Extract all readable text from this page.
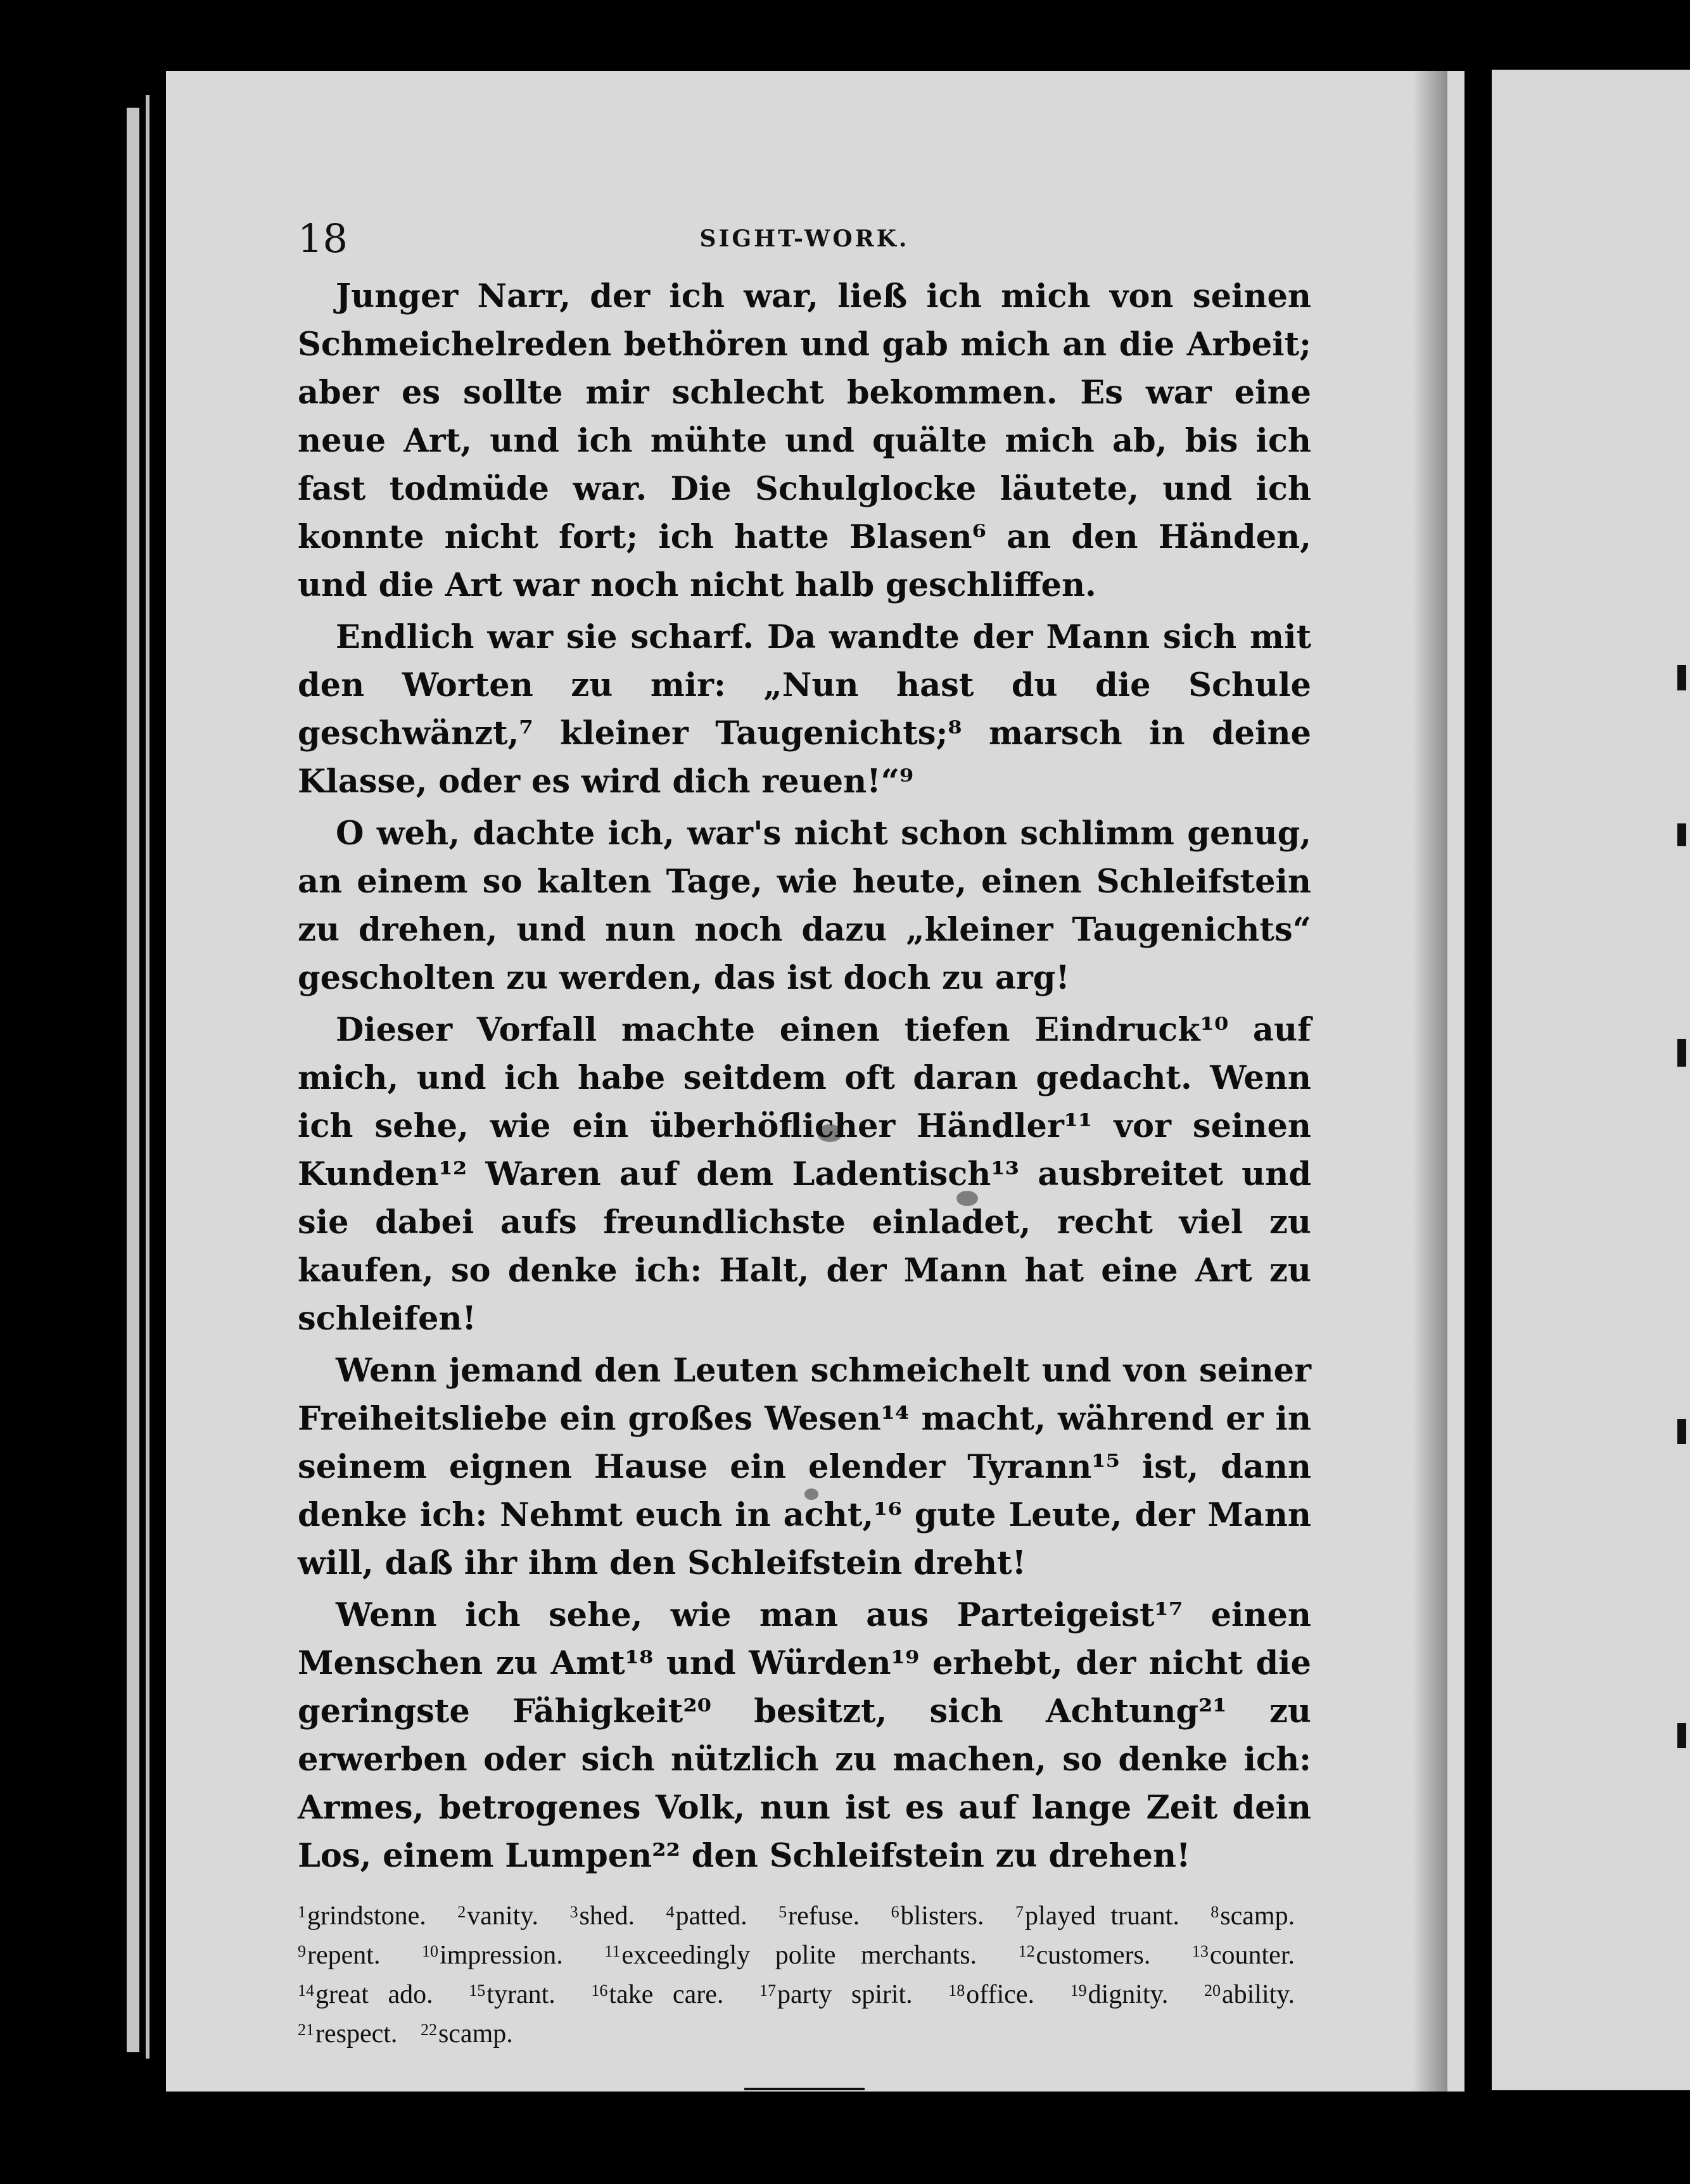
18	SIGHT-WORK.

Junger Narr, der ich war, ließ ich mich von seinen Schmeichelreden bethören und gab mich an die Arbeit; aber es sollte mir schlecht bekommen. Es war eine neue Art, und ich mühte und quälte mich ab, bis ich fast todmüde war. Die Schulglocke läutete, und ich konnte nicht fort; ich hatte Blasen⁶ an den Händen, und die Art war noch nicht halb geschliffen.

Endlich war sie scharf. Da wandte der Mann sich mit den Worten zu mir: „Nun hast du die Schule geschwänzt,⁷ kleiner Taugenichts;⁸ marsch in deine Klasse, oder es wird dich reuen!“⁹

O weh, dachte ich, war's nicht schon schlimm genug, an einem so kalten Tage, wie heute, einen Schleifstein zu drehen, und nun noch dazu „kleiner Taugenichts“ gescholten zu werden, das ist doch zu arg!

Dieser Vorfall machte einen tiefen Eindruck¹⁰ auf mich, und ich habe seitdem oft daran gedacht. Wenn ich sehe, wie ein überhöflicher Händler¹¹ vor seinen Kunden¹² Waren auf dem Ladentisch¹³ ausbreitet und sie dabei aufs freundlichste einladet, recht viel zu kaufen, so denke ich: Halt, der Mann hat eine Art zu schleifen!

Wenn jemand den Leuten schmeichelt und von seiner Freiheitsliebe ein großes Wesen¹⁴ macht, während er in seinem eignen Hause ein elender Tyrann¹⁵ ist, dann denke ich: Nehmt euch in acht,¹⁶ gute Leute, der Mann will, daß ihr ihm den Schleifstein dreht!

Wenn ich sehe, wie man aus Parteigeist¹⁷ einen Menschen zu Amt¹⁸ und Würden¹⁹ erhebt, der nicht die geringste Fähigkeit²⁰ besitzt, sich Achtung²¹ zu erwerben oder sich nützlich zu machen, so denke ich: Armes, betrogenes Volk, nun ist es auf lange Zeit dein Los, einem Lumpen²² den Schleifstein zu drehen!

$^1$grindstone. $^2$vanity. $^3$shed. $^4$patted. $^5$refuse. $^6$blisters. $^7$played truant. $^8$scamp. $^9$repent.	$^{10}$impression.	$^{11}$exceedingly polite merchants.	$^{12}$customers.	$^{13}$counter. $^{14}$great ado. $^{15}$tyrant. $^{16}$take care. $^{17}$party spirit. $^{18}$office. $^{19}$dignity. $^{20}$ability. $^{21}$respect. $^{22}$scamp.
